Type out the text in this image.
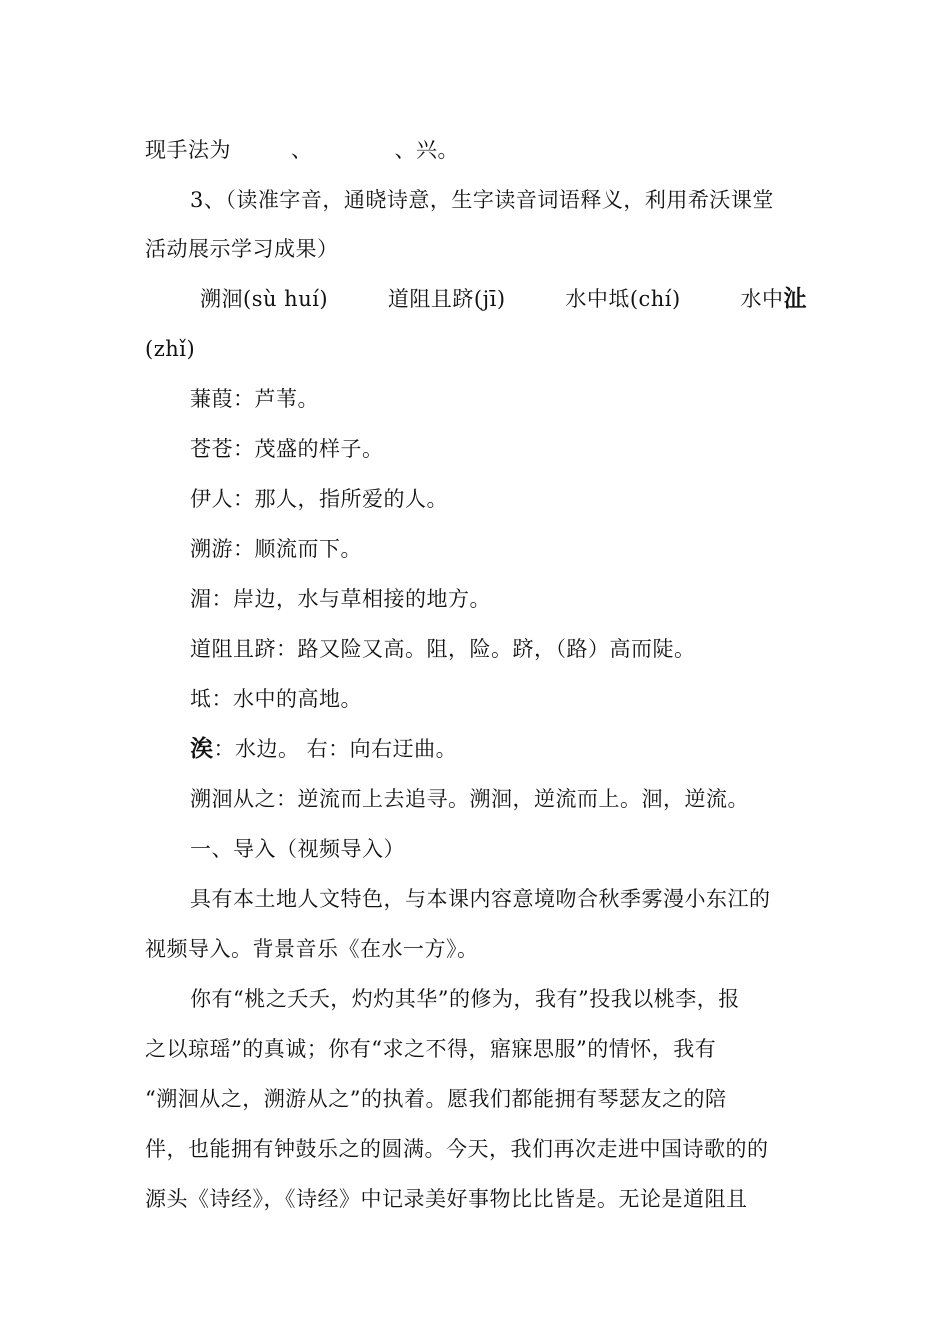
现手法为	、	、兴。
3、（读准字音，通晓诗意，生字读音词语释义，利用希沃课堂
活动展示学习成果）
溯洄(sù huí)	道阻且跻(jī)	水中坻(chí)	水中沚
(zhǐ)
蒹葭：芦苇。
苍苍：茂盛的样子。
伊人：那人，指所爱的人。
溯游：顺流而下。
湄：岸边，水与草相接的地方。
道阻且跻：路又险又高。阻，险。跻，（路）高而陡。
坻：水中的高地。
涘：水边。 右：向右迂曲。
溯洄从之：逆流而上去追寻。溯洄，逆流而上。洄，逆流。
一、导入（视频导入）
具有本土地人文特色，与本课内容意境吻合秋季雾漫小东江的
视频导入。背景音乐《在水一方》。
你有“桃之夭夭，灼灼其华”的修为，我有”投我以桃李，报
之以琼瑶”的真诚；你有“求之不得，寤寐思服”的情怀，我有
“溯洄从之，溯游从之”的执着。愿我们都能拥有琴瑟友之的陪
伴，也能拥有钟鼓乐之的圆满。今天，我们再次走进中国诗歌的的
源头《诗经》，《诗经》中记录美好事物比比皆是。无论是道阻且
